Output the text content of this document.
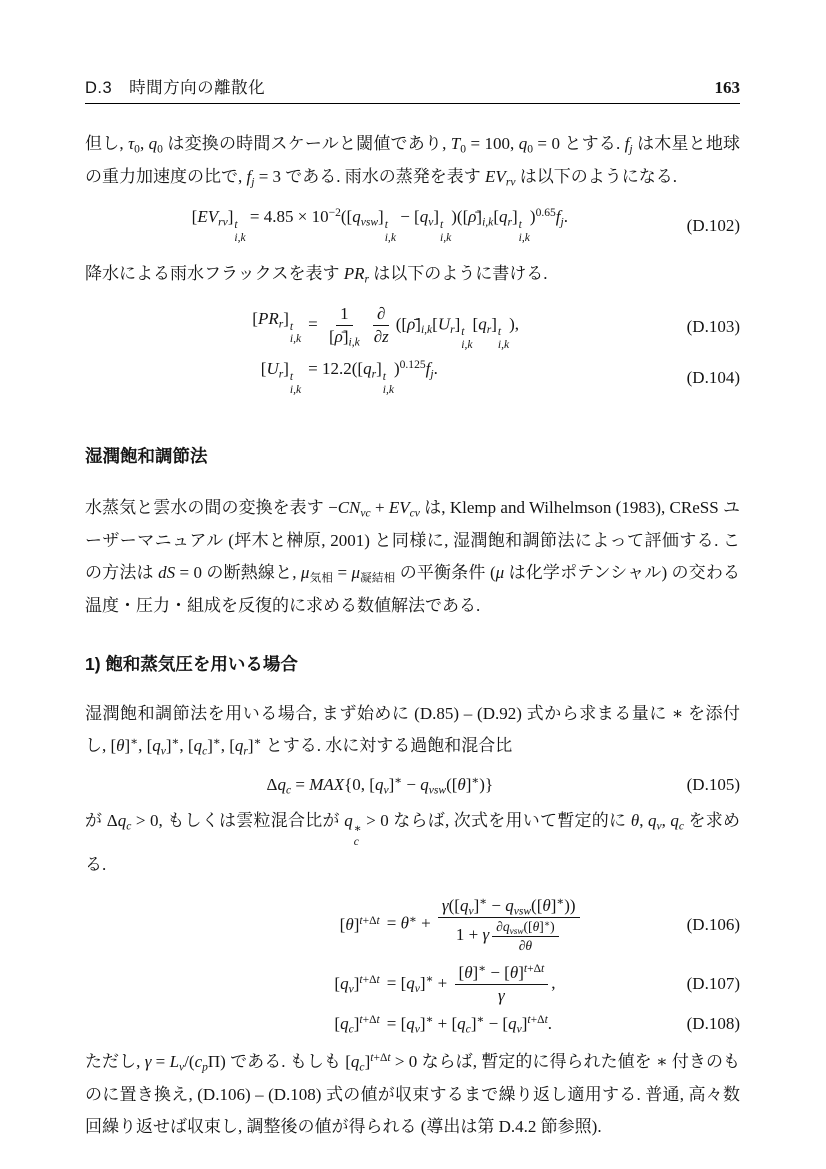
D.3　時間方向の離散化	163

但し, $\tau_0$, $q_0$ は変換の時間スケールと閾値であり, $T_0 = 100$, $q_0 = 0$ とする. $f_j$ は木星と地球の重力加速度の比で, $f_j = 3$ である. 雨水の蒸発を表す $EV_{rv}$ は以下のようになる.

$[EV_{rv}]$ t
i,k
= $4.85 \times 10^{-2}([q_{vsw}]$ t
i,k
− $[q_v]$ t
i,k
)($[\rhō]_{i,k}[q_r]$ t
i,k
)$^{0.65}f_j$.	(D.102)

降水による雨水フラックスを表す $PR_r$ は以下のように書ける.

$[PR_r]$ t
i,k
= $\frac{1}{[\rhō]_{i,k}} \frac{\partial}{\partial z}$ ($[\rhō]_{i,k}[U_r]$ t
i,k
$[q_r]$ t
i,k
),	(D.103)
$[U_r]$ t
i,k
= $12.2([q_r]$ t
i,k
)$^{0.125}f_j$.	(D.104)
湿潤飽和調節法

水蒸気と雲水の間の変換を表す $-CN_{vc} + EV_{cv}$ は, Klemp and Wilhelmson (1983), CReSS ユーザーマニュアル (坪木と榊原, 2001) と同様に, 湿潤飽和調節法によって評価する. この方法は dS = 0 の断熱線と, $\mu_{気相} = \mu_{凝結相}$ の平衡条件 (μ は化学ポテンシャル) の交わる温度・圧力・組成を反復的に求める数値解法である.

1) 飽和蒸気圧を用いる場合

湿潤飽和調節法を用いる場合, まず始めに (D.85) – (D.92) 式から求まる量に ∗ を添付し, [θ]∗, $[q_v]^∗$, $[q_c]^∗$, $[q_r]^∗$ とする. 水に対する過飽和混合比

$\Delta q_c = MAX\{0$, $[q_v]^∗ - q_{vsw}([\theta]^∗)$}	(D.105)

が $\Delta q_c > 0$, もしくは雲粒混合比が q ∗
c
> 0 ならば, 次式を用いて暫定的に θ, $q_v$, $q_c$ を求める.

$[\theta]^{t+\Delta t} = \theta^∗ + \frac{\gamma([q_v]^∗ - q_{vsw}([\theta]^∗))}{1 + \gamma \frac{\partial q_{vsw}([\theta]^∗)}{\partial\theta}}$	(D.106)
$[q_v]^{t+\Delta t} = [q_v]^∗ + \frac{[\theta]^∗ - [\theta]^{t+\Delta t}}{\gamma}$ ,	(D.107)
$[q_c]^{t+\Delta t} = [q_v]^∗ + [q_c]^∗ - [q_v]^{t+\Delta t}$.	(D.108)

ただし, $\gamma = L_v/(c_p\Pi)$ である. もしも $[q_c]^{t+\Delta t} > 0$ ならば, 暫定的に得られた値を ∗ 付きのものに置き換え, (D.106) – (D.108) 式の値が収束するまで繰り返し適用する. 普通, 高々数回繰り返せば収束し, 調整後の値が得られる (導出は第 D.4.2 節参照).
